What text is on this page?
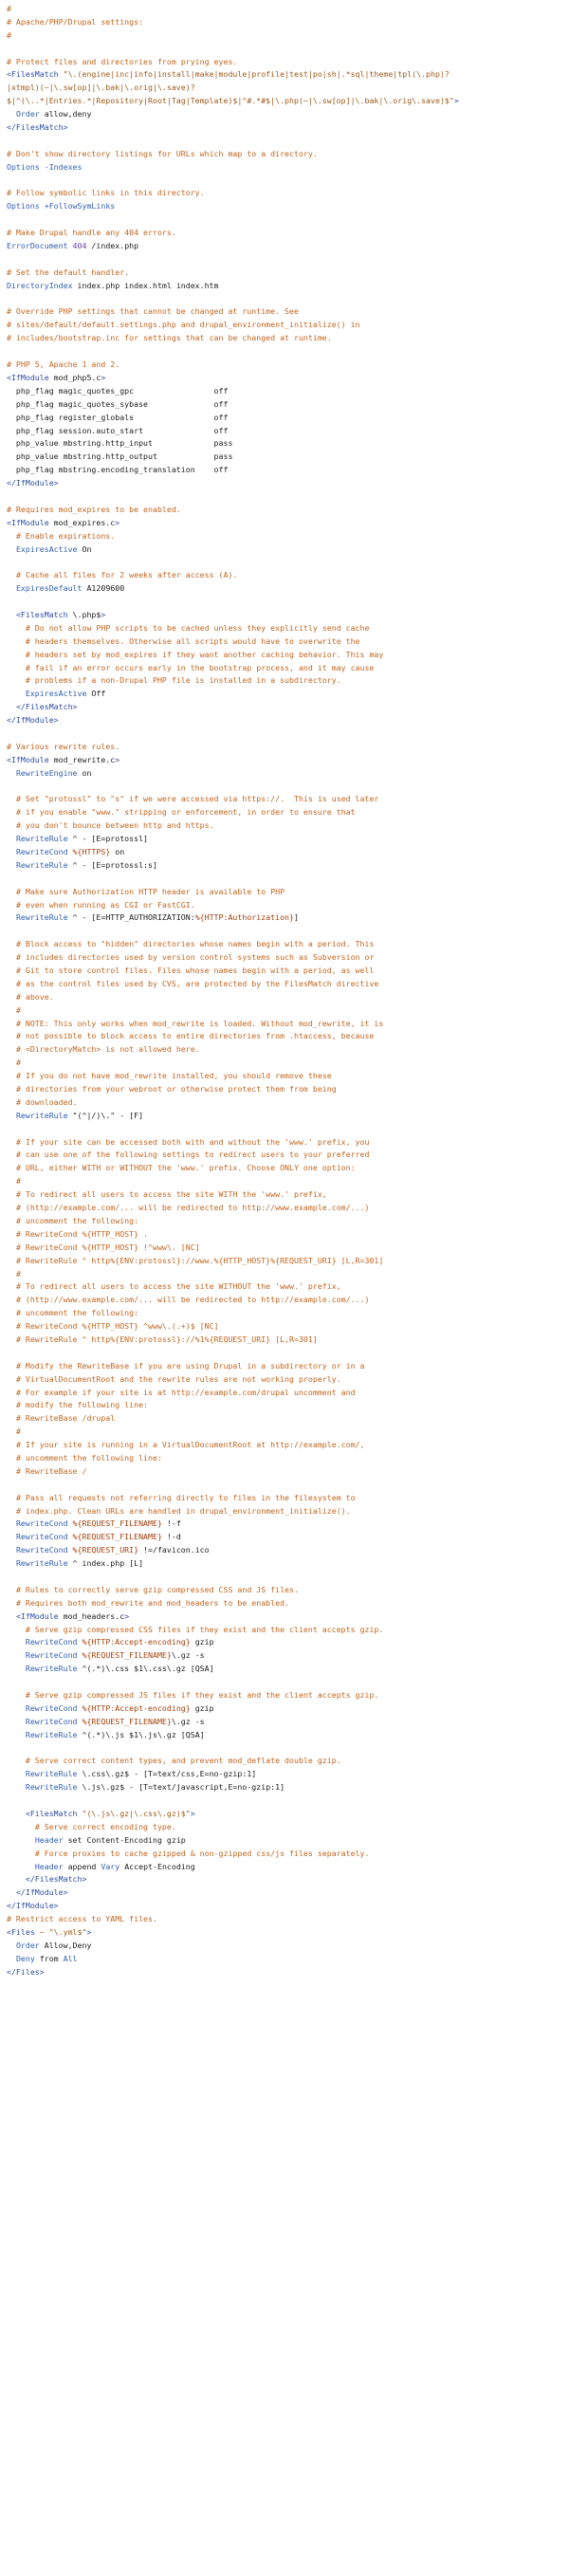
#
# Apache/PHP/Drupal settings:
#
# Protect files and directories from prying eyes.
<FilesMatch "\.(engine|inc|info|install|make|module|profile|test|po|sh|.*sql|theme|tpl(\.php)?
|xtmpl)(~|\.sw[op]|\.bak|\.orig|\.save)?
$|^(\..*|Entries.*|Repository|Root|Tag|Template)$|^#.*#$|\.php(~|\.sw[op]|\.bak|\.orig\.save)$">
Order allow,deny
</FilesMatch>
# Don't show directory listings for URLs which map to a directory.
Options -Indexes
# Follow symbolic links in this directory.
Options +FollowSymLinks
# Make Drupal handle any 404 errors.
ErrorDocument 404 /index.php
# Set the default handler.
DirectoryIndex index.php index.html index.htm
# Override PHP settings that cannot be changed at runtime. See
# sites/default/default.settings.php and drupal_environment_initialize() in
# includes/bootstrap.inc for settings that can be changed at runtime.
# PHP 5, Apache 1 and 2.
<IfModule mod_php5.c>
php_flag magic_quotes_gpc                 off
php_flag magic_quotes_sybase              off
php_flag register_globals                 off
php_flag session.auto_start               off
php_value mbstring.http_input             pass
php_value mbstring.http_output            pass
php_flag mbstring.encoding_translation    off
</IfModule>
# Requires mod_expires to be enabled.
<IfModule mod_expires.c>
# Enable expirations.
ExpiresActive On
# Cache all files for 2 weeks after access (A).
ExpiresDefault A1209600
<FilesMatch \.php$>
# Do not allow PHP scripts to be cached unless they explicitly send cache
# headers themselves. Otherwise all scripts would have to overwrite the
# headers set by mod_expires if they want another caching behavior. This may
# fail if an error occurs early in the bootstrap process, and it may cause
# problems if a non-Drupal PHP file is installed in a subdirectory.
ExpiresActive Off
</FilesMatch>
</IfModule>
# Various rewrite rules.
<IfModule mod_rewrite.c>
RewriteEngine on
# Set "protossl" to "s" if we were accessed via https://.  This is used later
# if you enable "www." stripping or enforcement, in order to ensure that
# you don't bounce between http and https.
RewriteRule ^ - [E=protossl]
RewriteCond %{HTTPS} on
RewriteRule ^ - [E=protossl:s]
# Make sure Authorization HTTP header is available to PHP
# even when running as CGI or FastCGI.
RewriteRule ^ - [E=HTTP_AUTHORIZATION:%{HTTP:Authorization}]
# Block access to "hidden" directories whose names begin with a period. This
# includes directories used by version control systems such as Subversion or
# Git to store control files. Files whose names begin with a period, as well
# as the control files used by CVS, are protected by the FilesMatch directive
# above.
#
# NOTE: This only works when mod_rewrite is loaded. Without mod_rewrite, it is
# not possible to block access to entire directories from .htaccess, because
# <DirectoryMatch> is not allowed here.
#
# If you do not have mod_rewrite installed, you should remove these
# directories from your webroot or otherwise protect them from being
# downloaded.
RewriteRule "(^|/)\." - [F]
# If your site can be accessed both with and without the 'www.' prefix, you
# can use one of the following settings to redirect users to your preferred
# URL, either WITH or WITHOUT the 'www.' prefix. Choose ONLY one option:
#
# To redirect all users to access the site WITH the 'www.' prefix,
# (http://example.com/... will be redirected to http://www.example.com/...)
# uncomment the following:
# RewriteCond %{HTTP_HOST} .
# RewriteCond %{HTTP_HOST} !^www\. [NC]
# RewriteRule ^ http%{ENV:protossl}://www.%{HTTP_HOST}%{REQUEST_URI} [L,R=301]
#
# To redirect all users to access the site WITHOUT the 'www.' prefix,
# (http://www.example.com/... will be redirected to http://example.com/...)
# uncomment the following:
# RewriteCond %{HTTP_HOST} ^www\.(.+)$ [NC]
# RewriteRule ^ http%{ENV:protossl}://%1%{REQUEST_URI} [L,R=301]
# Modify the RewriteBase if you are using Drupal in a subdirectory or in a
# VirtualDocumentRoot and the rewrite rules are not working properly.
# For example if your site is at http://example.com/drupal uncomment and
# modify the following line:
# RewriteBase /drupal
#
# If your site is running in a VirtualDocumentRoot at http://example.com/,
# uncomment the following line:
# RewriteBase /
# Pass all requests not referring directly to files in the filesystem to
# index.php. Clean URLs are handled in drupal_environment_initialize().
RewriteCond %{REQUEST_FILENAME} !-f
RewriteCond %{REQUEST_FILENAME} !-d
RewriteCond %{REQUEST_URI} !=/favicon.ico
RewriteRule ^ index.php [L]
# Rules to correctly serve gzip compressed CSS and JS files.
# Requires both mod_rewrite and mod_headers to be enabled.
<IfModule mod_headers.c>
# Serve gzip compressed CSS files if they exist and the client accepts gzip.
RewriteCond %{HTTP:Accept-encoding} gzip
RewriteCond %{REQUEST_FILENAME}\.gz -s
RewriteRule ^(.*)\.css $1\.css\.gz [QSA]
# Serve gzip compressed JS files if they exist and the client accepts gzip.
RewriteCond %{HTTP:Accept-encoding} gzip
RewriteCond %{REQUEST_FILENAME}\.gz -s
RewriteRule ^(.*)\.js $1\.js\.gz [QSA]
# Serve correct content types, and prevent mod_deflate double gzip.
RewriteRule \.css\.gz$ - [T=text/css,E=no-gzip:1]
RewriteRule \.js\.gz$ - [T=text/javascript,E=no-gzip:1]
<FilesMatch "(\.js\.gz|\.css\.gz)$">
# Serve correct encoding type.
Header set Content-Encoding gzip
# Force proxies to cache gzipped & non-gzipped css/js files separately.
Header append Vary Accept-Encoding
</FilesMatch>
</IfModule>
</IfModule>
# Restrict access to YAML files.
<Files ~ "\.yml$">
Order Allow,Deny
Deny from All
</Files>
